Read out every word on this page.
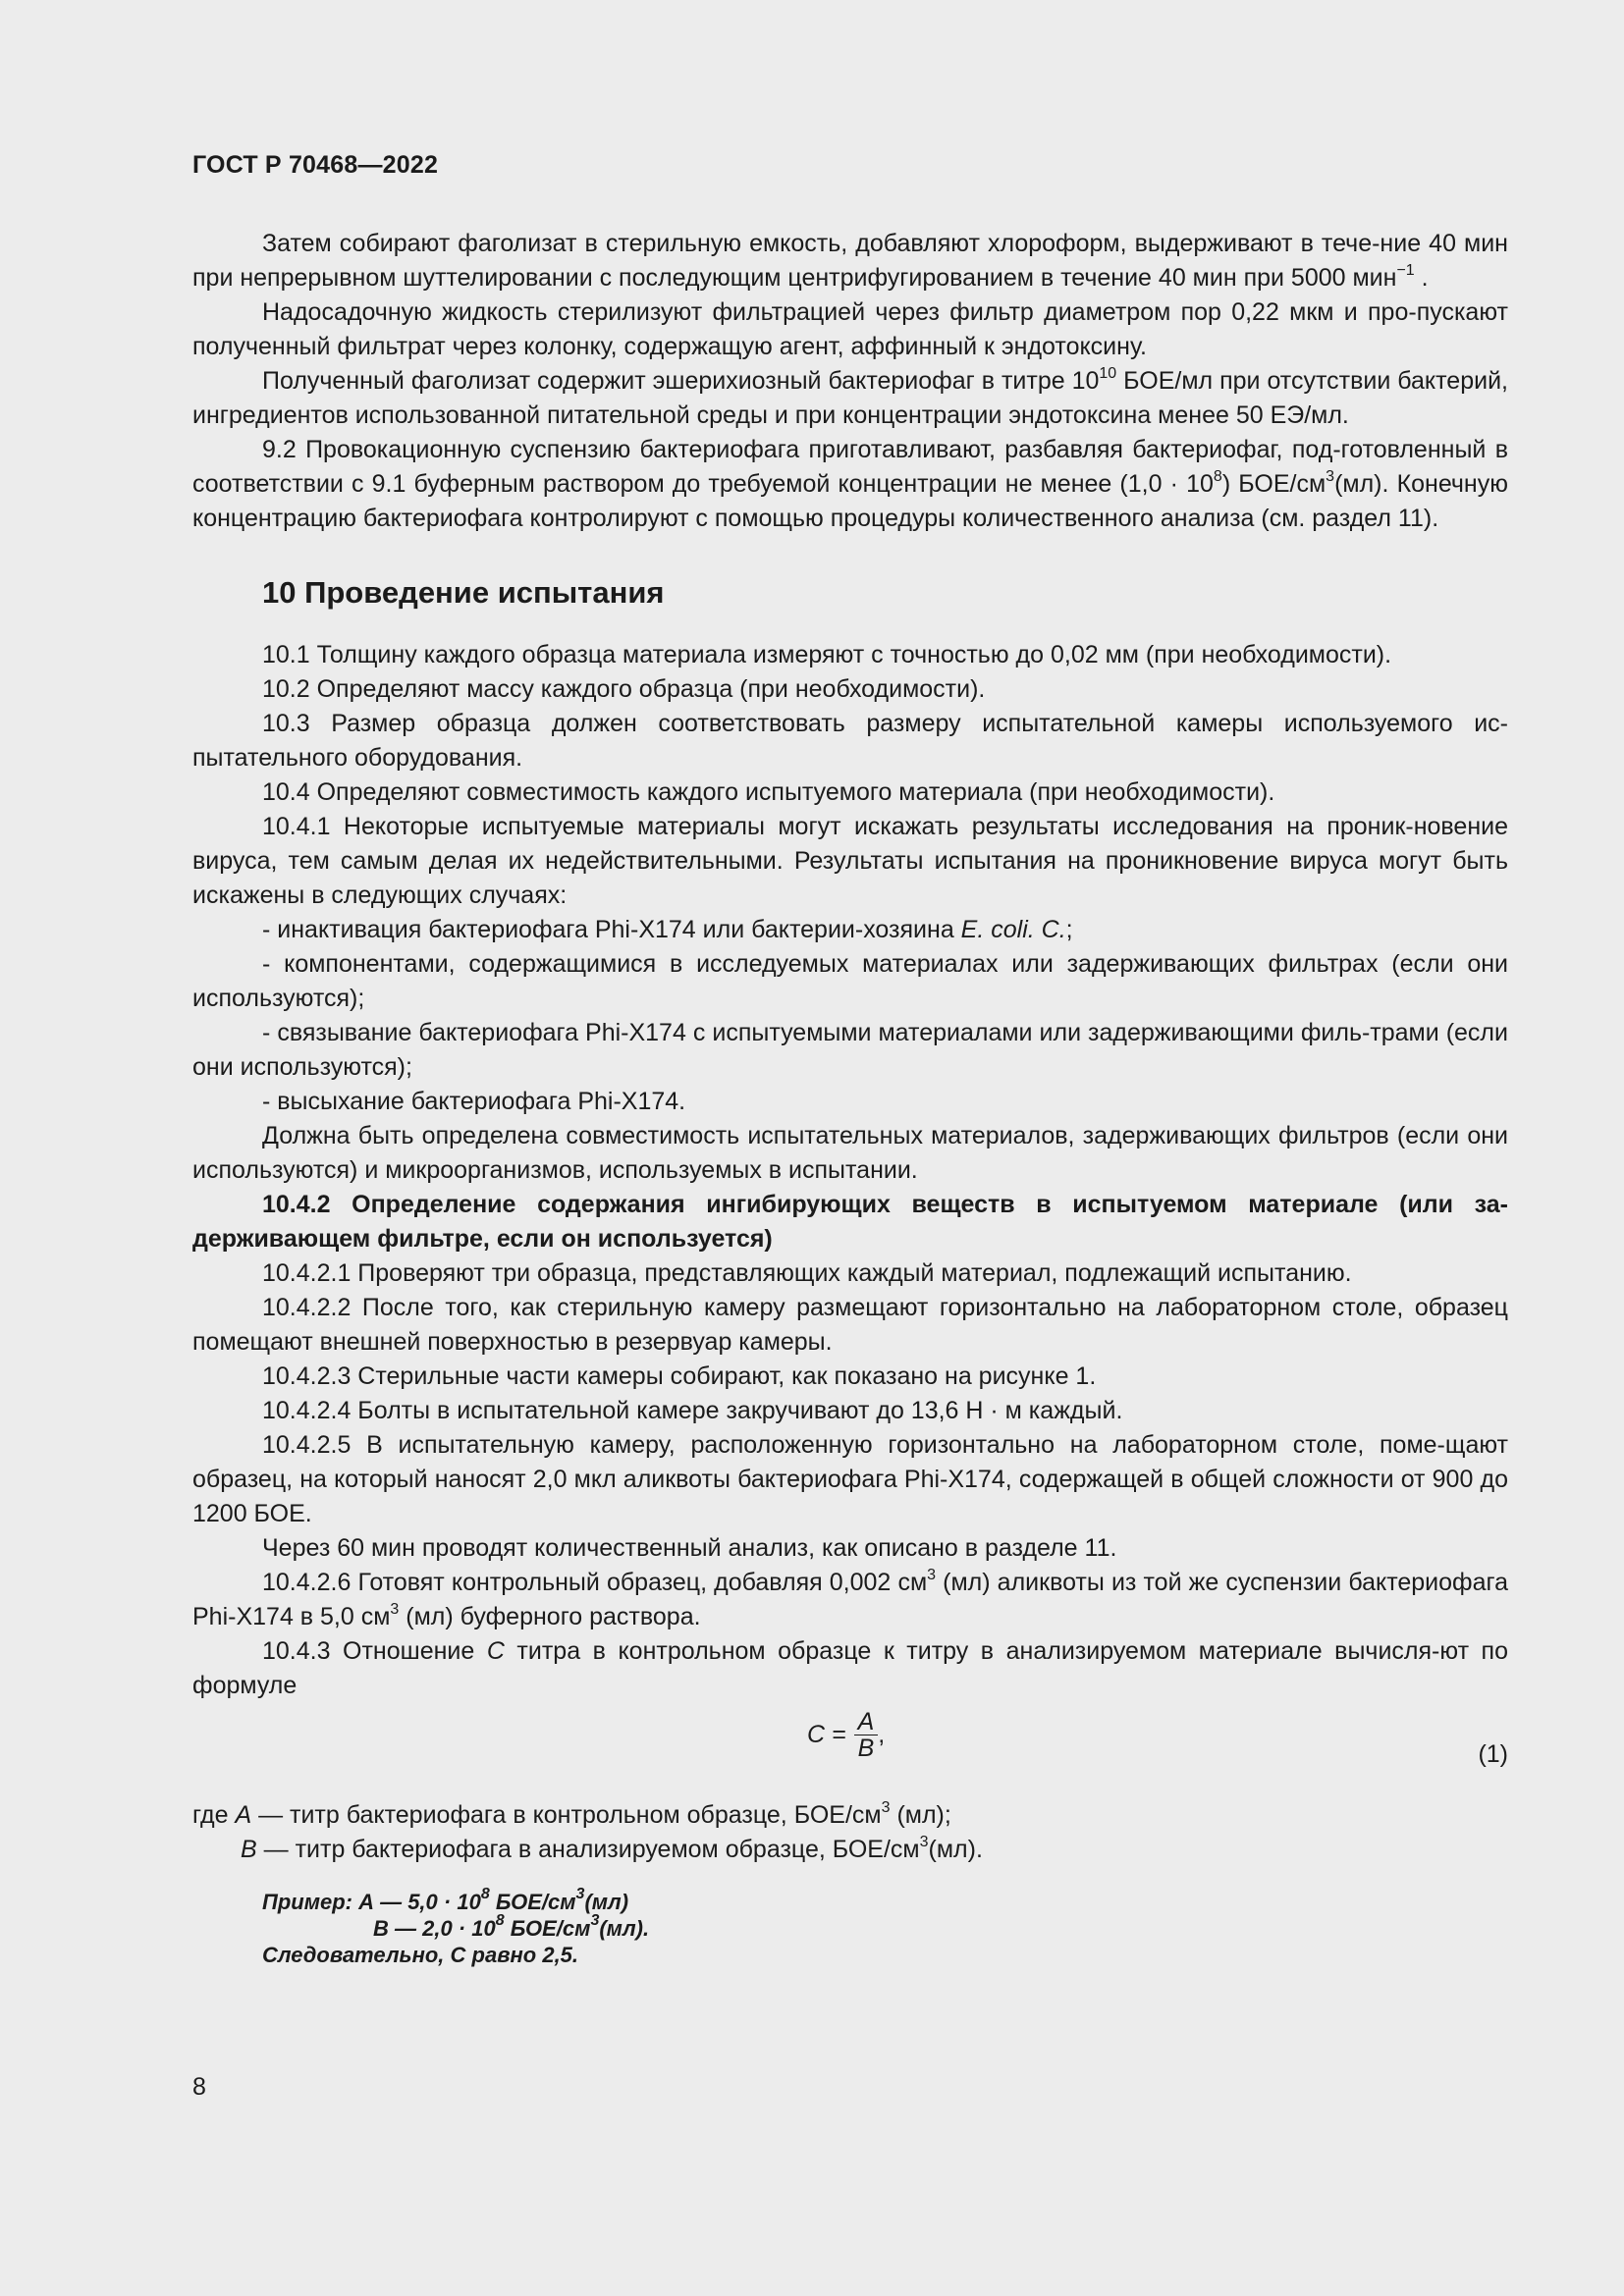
ГОСТ Р 70468—2022

Затем собирают фаголизат в стерильную емкость, добавляют хлороформ, выдерживают в тече-ние 40 мин при непрерывном шуттелировании с последующим центрифугированием в течение 40 мин при 5000 мин$^{-1}$ .

Надосадочную жидкость стерилизуют фильтрацией через фильтр диаметром пор 0,22 мкм и про-пускают полученный фильтрат через колонку, содержащую агент, аффинный к эндотоксину.

Полученный фаголизат содержит эшерихиозный бактериофаг в титре $10^{10}$ БОЕ/мл при отсутствии бактерий, ингредиентов использованной питательной среды и при концентрации эндотоксина менее 50 ЕЭ/мл.

9.2 Провокационную суспензию бактериофага приготавливают, разбавляя бактериофаг, под-готовленный в соответствии с 9.1 буферным раствором до требуемой концентрации не менее $(1,0 \cdot 10^8)$ БОЕ/$см^3(мл)$. Конечную концентрацию бактериофага контролируют с помощью процедуры количественного анализа (см. раздел 11).

10 Проведение испытания

10.1 Толщину каждого образца материала измеряют с точностью до 0,02 мм (при необходимости).

10.2 Определяют массу каждого образца (при необходимости).

10.3 Размер образца должен соответствовать размеру испытательной камеры используемого ис-пытательного оборудования.

10.4 Определяют совместимость каждого испытуемого материала (при необходимости).

10.4.1 Некоторые испытуемые материалы могут искажать результаты исследования на проник-новение вируса, тем самым делая их недействительными. Результаты испытания на проникновение вируса могут быть искажены в следующих случаях:

- инактивация бактериофага Phi-X174 или бактерии-хозяина E. coli. C.;

- компонентами, содержащимися в исследуемых материалах или задерживающих фильтрах (если они используются);

- связывание бактериофага Phi-X174 с испытуемыми материалами или задерживающими филь-трами (если они используются);

- высыхание бактериофага Phi-X174.

Должна быть определена совместимость испытательных материалов, задерживающих фильтров (если они используются) и микроорганизмов, используемых в испытании.

10.4.2 Определение содержания ингибирующих веществ в испытуемом материале (или за-держивающем фильтре, если он используется)

10.4.2.1 Проверяют три образца, представляющих каждый материал, подлежащий испытанию.

10.4.2.2 После того, как стерильную камеру размещают горизонтально на лабораторном столе, образец помещают внешней поверхностью в резервуар камеры.

10.4.2.3 Стерильные части камеры собирают, как показано на рисунке 1.

10.4.2.4 Болты в испытательной камере закручивают до 13,6 Н · м каждый.

10.4.2.5 В испытательную камеру, расположенную горизонтально на лабораторном столе, поме-щают образец, на который наносят 2,0 мкл аликвоты бактериофага Phi-X174, содержащей в общей сложности от 900 до 1200 БОЕ.

Через 60 мин проводят количественный анализ, как описано в разделе 11.

10.4.2.6 Готовят контрольный образец, добавляя 0,002 $см^3$ (мл) аликвоты из той же суспензии бактериофага Phi-X174 в 5,0 $см^3$ (мл) буферного раствора.

10.4.3 Отношение C титра в контрольном образце к титру в анализируемом материале вычисля-ют по формуле

$C = \frac{A}{B}$ ,
(1)
где A — титр бактериофага в контрольном образце, БОЕ/$см^3$ (мл);
B — титр бактериофага в анализируемом образце, БОЕ/$см^3(мл)$.
Пример: А — $5,0 \cdot 10^8$ БОЕ/$см^3(мл)$
В — $2,0 \cdot 10^8$ БОЕ/$см^3(мл)$.
Следовательно, С равно 2,5.
8
